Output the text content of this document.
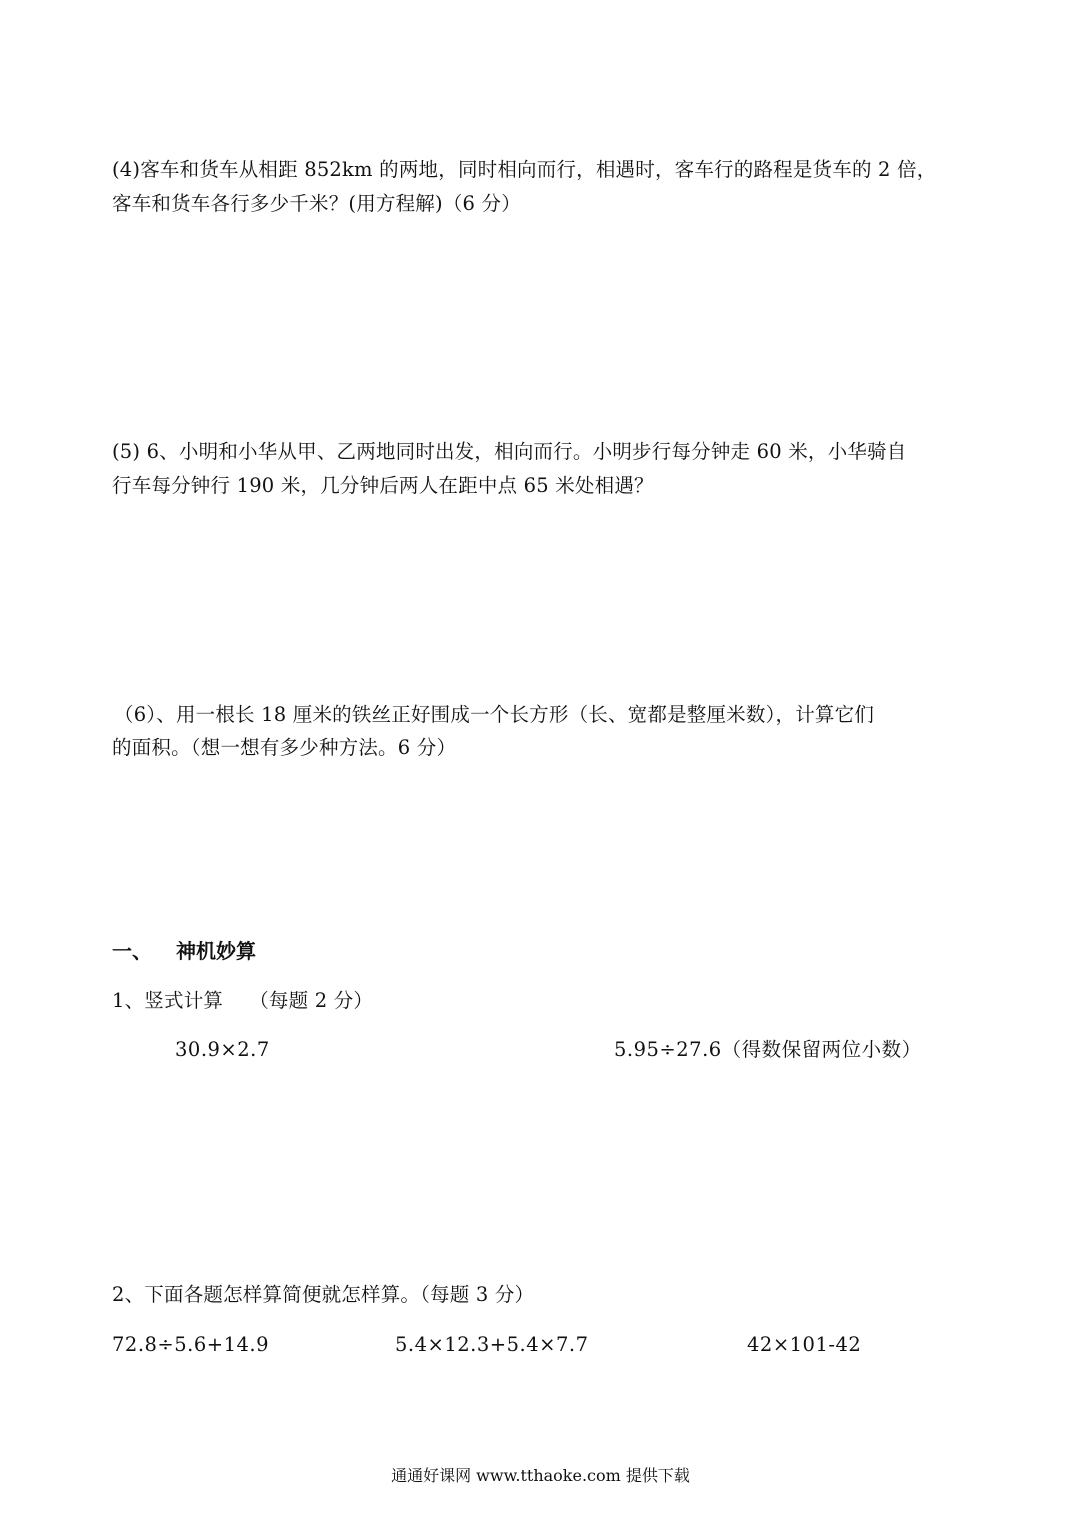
(4)客车和货车从相距 852km 的两地，同时相向而行，相遇时，客车行的路程是货车的 2 倍，
客车和货车各行多少千米？(用方程解)（6 分）
(5) 6、小明和小华从甲、乙两地同时出发，相向而行。小明步行每分钟走 60 米，小华骑自
行车每分钟行 190 米，几分钟后两人在距中点 65 米处相遇？
（6）、用一根长 18 厘米的铁丝正好围成一个长方形（长、宽都是整厘米数），计算它们
的面积。（想一想有多少种方法。6 分）
一、 神机妙算
1、竖式计算　 （每题 2 分）
30.9×2.7	5.95÷27.6（得数保留两位小数）
2、下面各题怎样算简便就怎样算。（每题 3 分）
72.8÷5.6+14.9	5.4×12.3+5.4×7.7	42×101-42
通通好课网 www.tthaoke.com 提供下载
